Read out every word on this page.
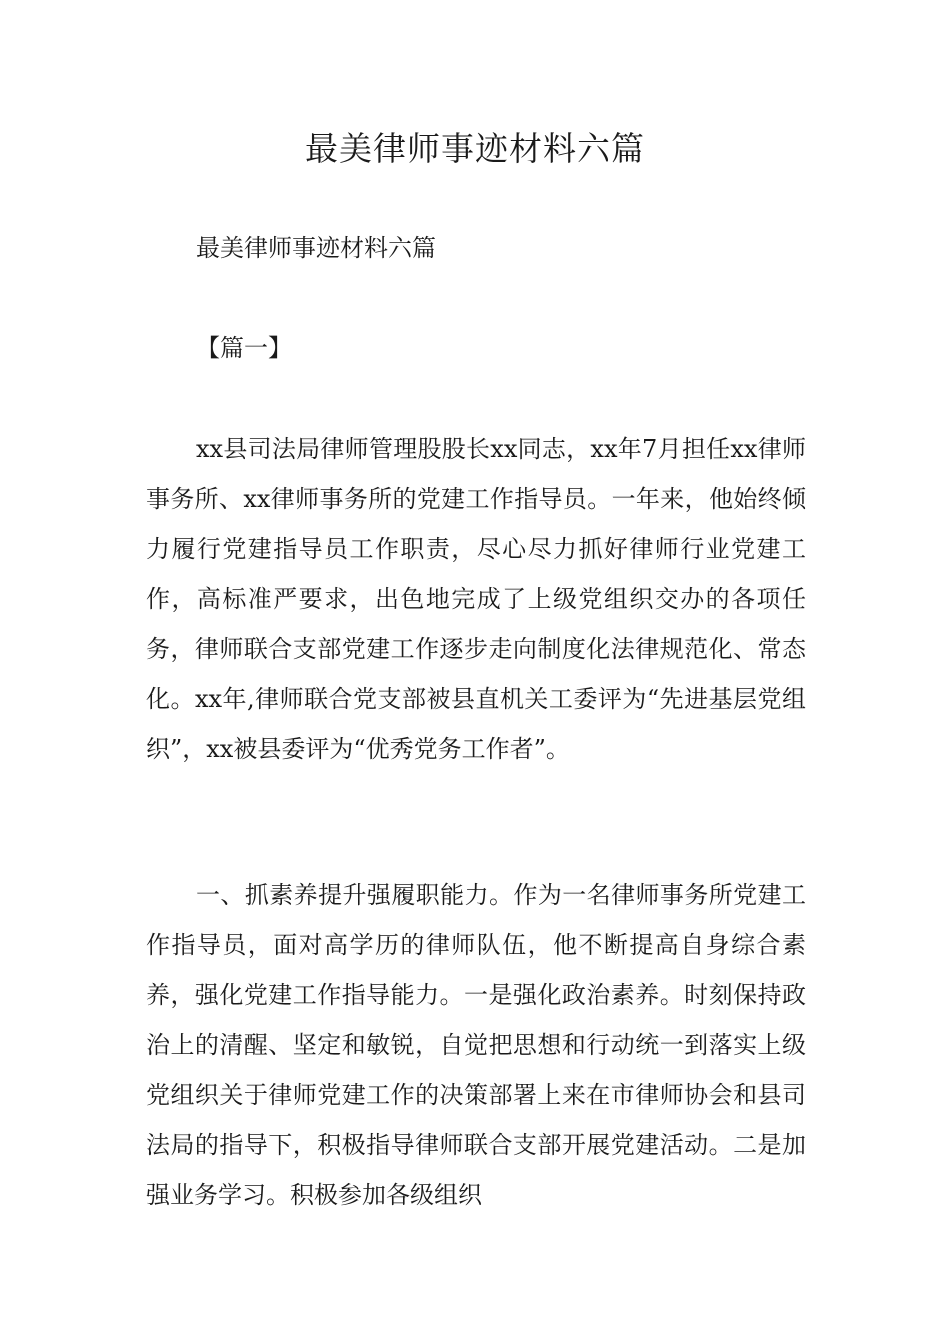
最美律师事迹材料六篇

最美律师事迹材料六篇

【篇一】

xx县司法局律师管理股股长xx同志，xx年7月担任xx律师事务所、xx律师事务所的党建工作指导员。一年来，他始终倾力履行党建指导员工作职责，尽心尽力抓好律师行业党建工作，高标准严要求，出色地完成了上级党组织交办的各项任务，律师联合支部党建工作逐步走向制度化法律规范化、常态化。xx年,律师联合党支部被县直机关工委评为“先进基层党组织”，xx被县委评为“优秀党务工作者”。

一、抓素养提升强履职能力。作为一名律师事务所党建工作指导员，面对高学历的律师队伍，他不断提高自身综合素养，强化党建工作指导能力。一是强化政治素养。时刻保持政治上的清醒、坚定和敏锐，自觉把思想和行动统一到落实上级党组织关于律师党建工作的决策部署上来在市律师协会和县司法局的指导下，积极指导律师联合支部开展党建活动。二是加强业务学习。积极参加各级组织
